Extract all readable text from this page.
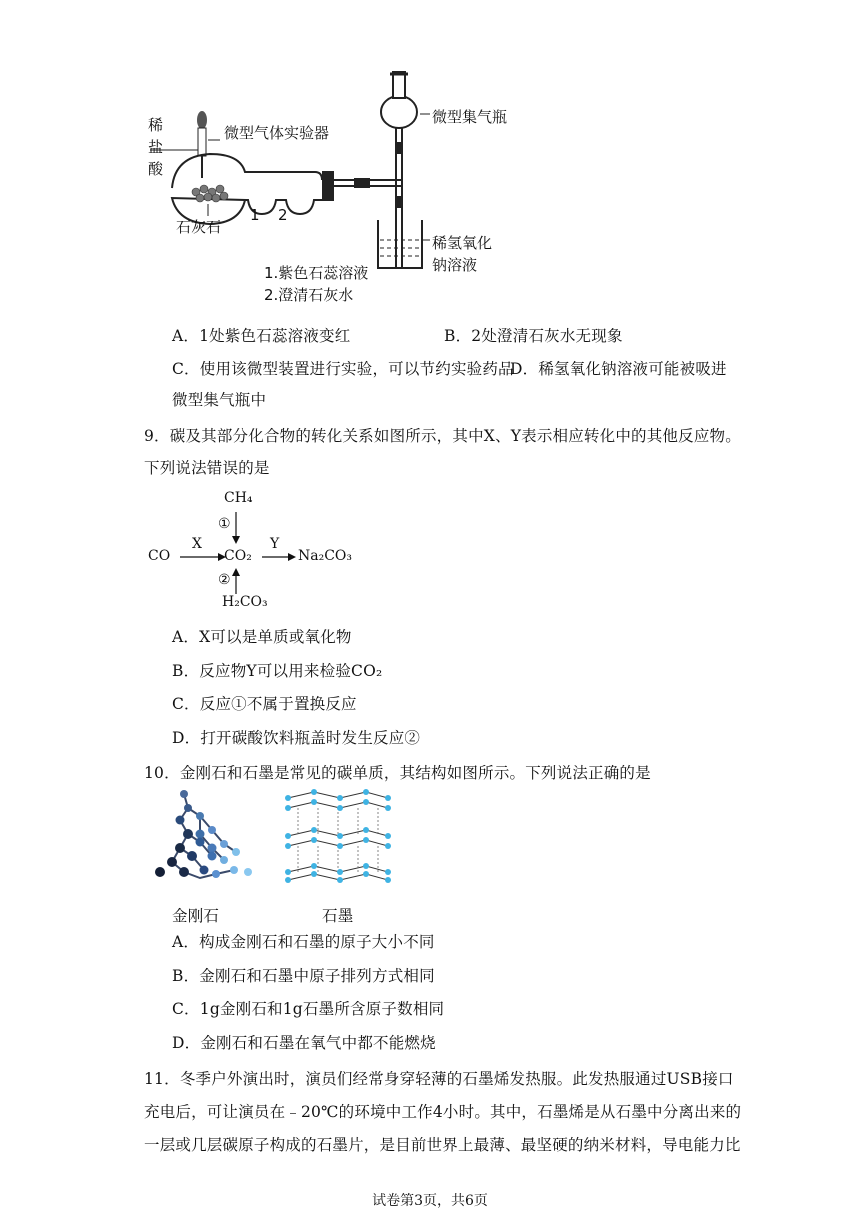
稀
盐
酸
微型气体实验器
微型集气瓶
石灰石
1 2
稀氢氧化
钠溶液
1.紫色石蕊溶液
2.澄清石灰水
A．1处紫色石蕊溶液变红	B．2处澄清石灰水无现象
C．使用该微型装置进行实验，可以节约实验药品
D．稀氢氧化钠溶液可能被吸进
微型集气瓶中
9．碳及其部分化合物的转化关系如图所示，其中X、Y表示相应转化中的其他反应物。
下列说法错误的是
CH₄
CO	CO₂	Na₂CO₃
H₂CO₃
X	Y
①
②
A．X可以是单质或氧化物
B．反应物Y可以用来检验CO₂
C．反应①不属于置换反应
D．打开碳酸饮料瓶盖时发生反应②
10．金刚石和石墨是常见的碳单质，其结构如图所示。下列说法正确的是
金刚石	石墨
A．构成金刚石和石墨的原子大小不同
B．金刚石和石墨中原子排列方式相同
C．1g金刚石和1g石墨所含原子数相同
D．金刚石和石墨在氧气中都不能燃烧
11．冬季户外演出时，演员们经常身穿轻薄的石墨烯发热服。此发热服通过USB接口
充电后，可让演员在﹣20℃的环境中工作4小时。其中，石墨烯是从石墨中分离出来的
一层或几层碳原子构成的石墨片，是目前世界上最薄、最坚硬的纳米材料，导电能力比
试卷第3页，共6页
